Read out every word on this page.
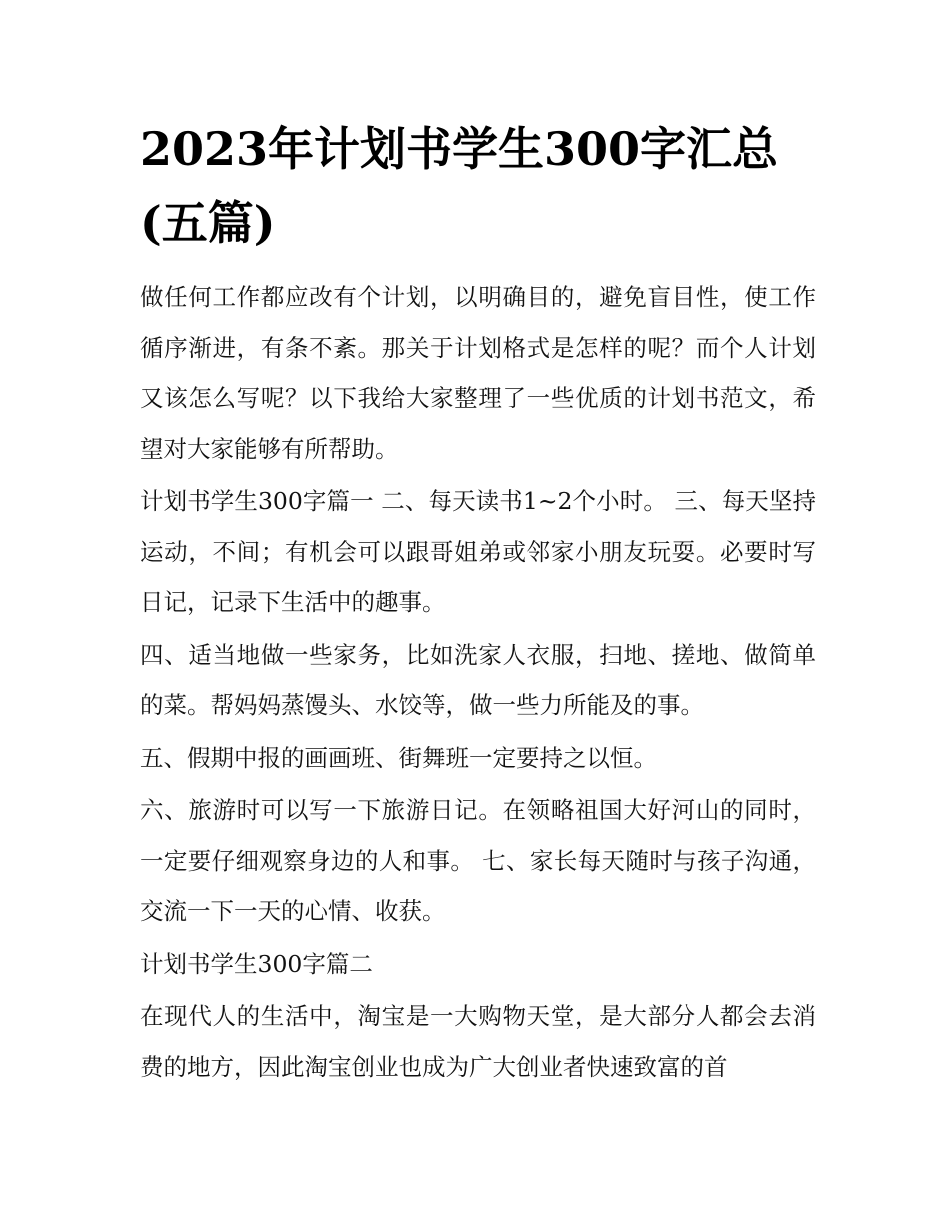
2023年计划书学生300字汇总(五篇)

做任何工作都应改有个计划，以明确目的，避免盲目性，使工作循序渐进，有条不紊。那关于计划格式是怎样的呢？而个人计划又该怎么写呢？以下我给大家整理了一些优质的计划书范文，希望对大家能够有所帮助。

计划书学生300字篇一 二、每天读书1~2个小时。 三、每天坚持运动，不间；有机会可以跟哥姐弟或邻家小朋友玩耍。必要时写日记，记录下生活中的趣事。

四、适当地做一些家务，比如洗家人衣服，扫地、搓地、做简单的菜。帮妈妈蒸馒头、水饺等，做一些力所能及的事。

五、假期中报的画画班、街舞班一定要持之以恒。

六、旅游时可以写一下旅游日记。在领略祖国大好河山的同时，一定要仔细观察身边的人和事。 七、家长每天随时与孩子沟通，交流一下一天的心情、收获。

计划书学生300字篇二

在现代人的生活中，淘宝是一大购物天堂，是大部分人都会去消费的地方，因此淘宝创业也成为广大创业者快速致富的首
